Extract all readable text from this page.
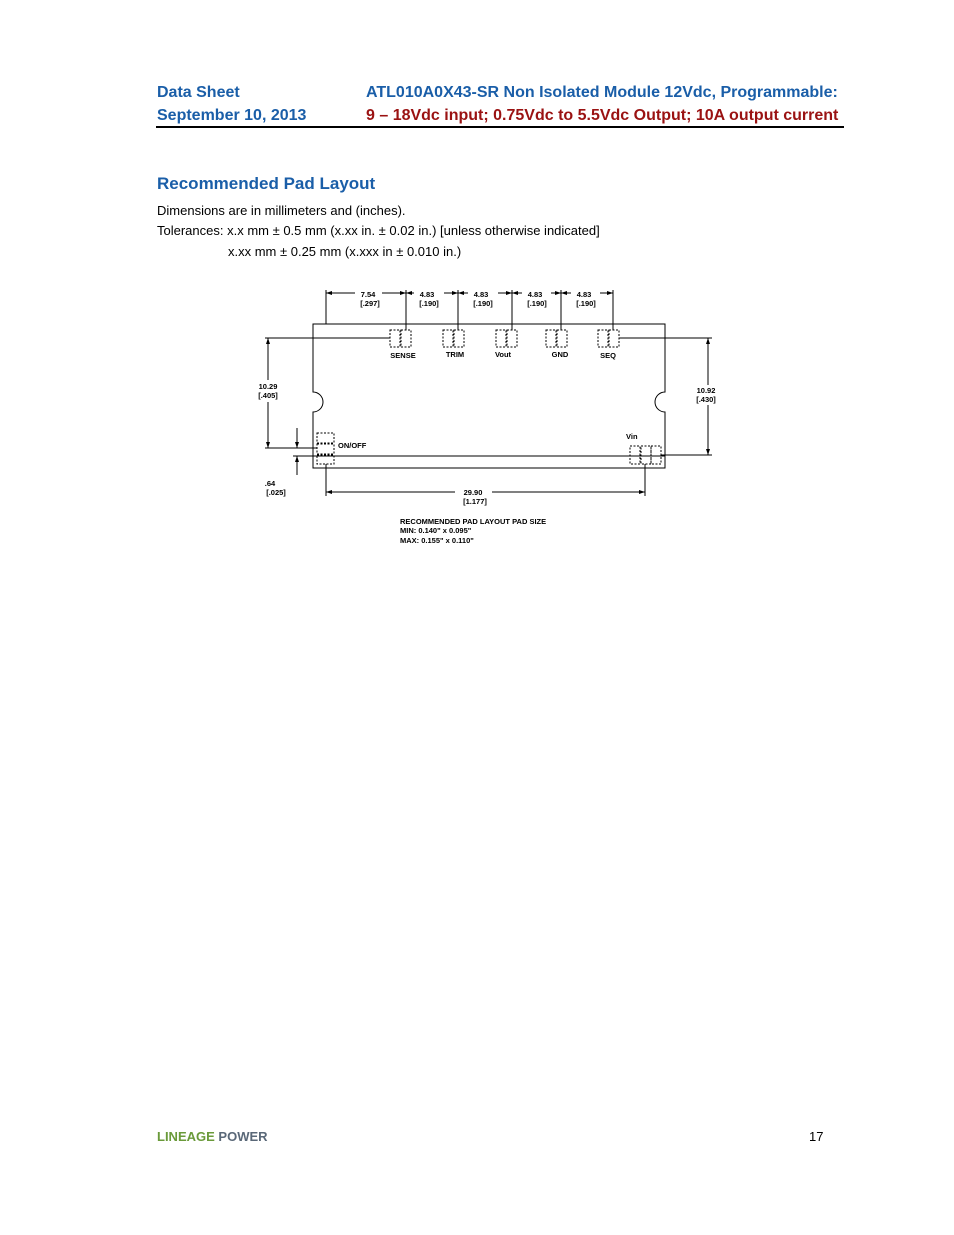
Data Sheet
September 10, 2013
ATL010A0X43-SR Non Isolated Module 12Vdc, Programmable:
9 – 18Vdc input; 0.75Vdc to 5.5Vdc Output; 10A output current
Recommended Pad Layout
Dimensions are in millimeters and (inches).
Tolerances: x.x mm ± 0.5 mm (x.xx in. ± 0.02 in.) [unless otherwise indicated]
x.xx mm ± 0.25 mm (x.xxx in ± 0.010 in.)
7.54
[.297]
4.83
[.190]
4.83
[.190]
4.83
[.190]
4.83
[.190]
SENSE	TRIM	Vout	GND	SEQ
ON/OFF
Vin
10.29
[.405]
10.92
[.430]
.64
[.025]	29.90
[1.177]
RECOMMENDED PAD LAYOUT PAD SIZE
MIN: 0.140" x 0.095"
MAX: 0.155" x 0.110"
LINEAGE POWER	17
